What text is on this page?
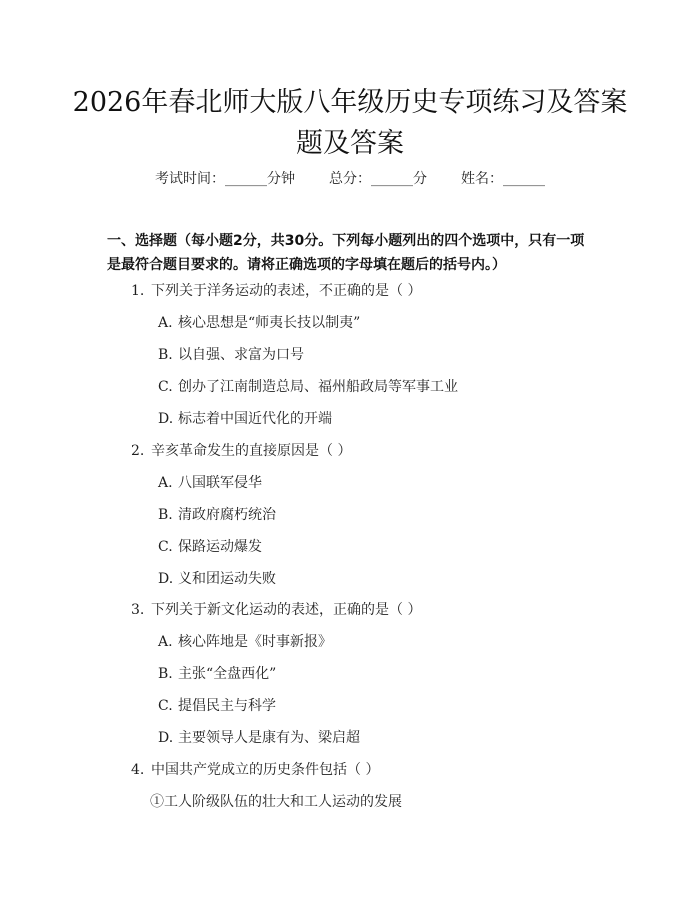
2026年春北师大版八年级历史专项练习及答案题及答案
考试时间：______分钟 总分：______分 姓名：______
一、选择题（每小题2分，共30分。下列每小题列出的四个选项中，只有一项是最符合题目要求的。请将正确选项的字母填在题后的括号内。）
1. 下列关于洋务运动的表述，不正确的是（ ）
A. 核心思想是“师夷长技以制夷”
B. 以自强、求富为口号
C. 创办了江南制造总局、福州船政局等军事工业
D. 标志着中国近代化的开端
2. 辛亥革命发生的直接原因是（ ）
A. 八国联军侵华
B. 清政府腐朽统治
C. 保路运动爆发
D. 义和团运动失败
3. 下列关于新文化运动的表述，正确的是（ ）
A. 核心阵地是《时事新报》
B. 主张“全盘西化”
C. 提倡民主与科学
D. 主要领导人是康有为、梁启超
4. 中国共产党成立的历史条件包括（ ）
①工人阶级队伍的壮大和工人运动的发展
